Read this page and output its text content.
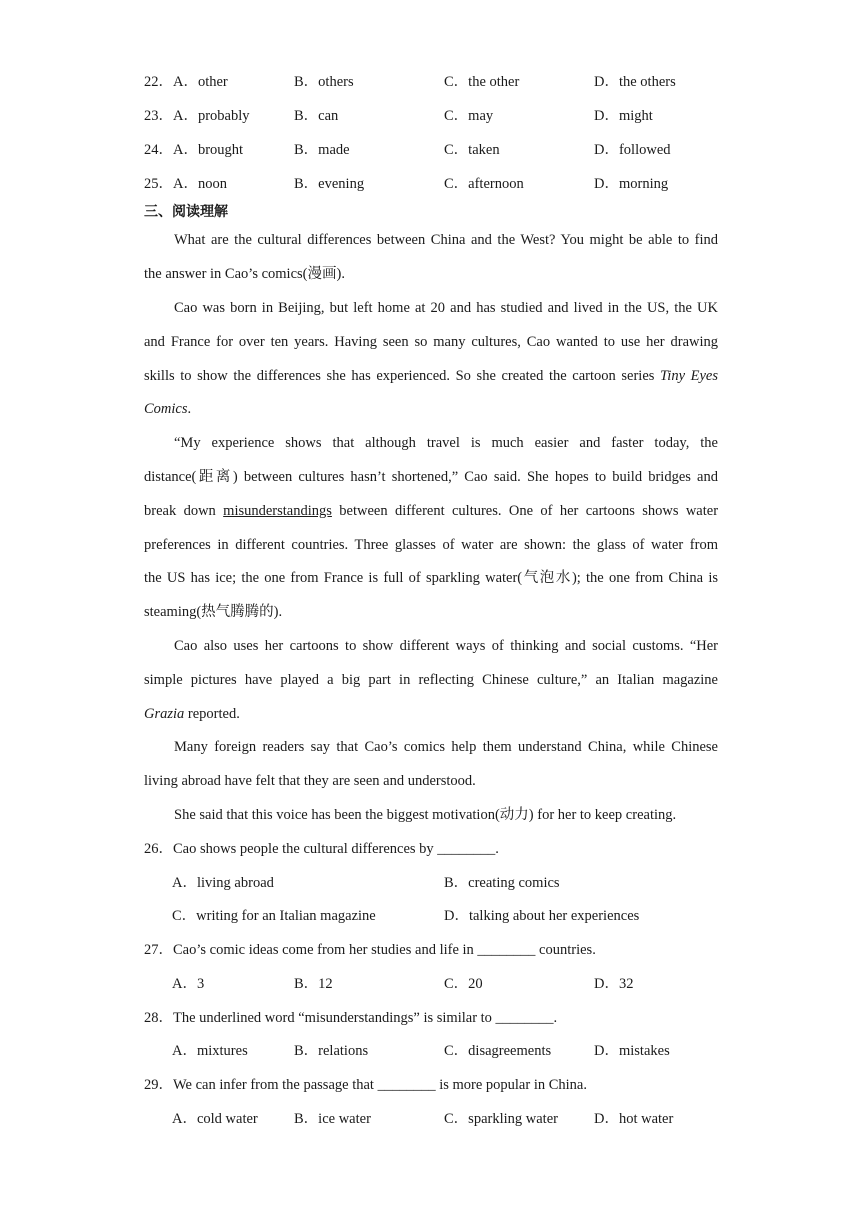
22．A．other	B．others	C．the other	D．the others
23．A．probably	B．can	C．may	D．might
24．A．brought	B．made	C．taken	D．followed
25．A．noon	B．evening	C．afternoon	D．morning
三、阅读理解
What are the cultural differences between China and the West? You might be able to find
the answer in Cao’s comics(漫画).
Cao was born in Beijing, but left home at 20 and has studied and lived in the US, the UK
and France for over ten years. Having seen so many cultures, Cao wanted to use her drawing
skills to show the differences she has experienced. So she created the cartoon series Tiny Eyes
Comics.
“My experience shows that although travel is much easier and faster today, the
distance(距离) between cultures hasn’t shortened,” Cao said. She hopes to build bridges and
break down misunderstandings between different cultures. One of her cartoons shows water
preferences in different countries. Three glasses of water are shown: the glass of water from
the US has ice; the one from France is full of sparkling water(气泡水); the one from China is
steaming(热气腾腾的).
Cao also uses her cartoons to show different ways of thinking and social customs. “Her
simple pictures have played a big part in reflecting Chinese culture,” an Italian magazine
Grazia reported.
Many foreign readers say that Cao’s comics help them understand China, while Chinese
living abroad have felt that they are seen and understood.
She said that this voice has been the biggest motivation(动力) for her to keep creating.
26．Cao shows people the cultural differences by ________.
A．living abroad	B．creating comics
C．writing for an Italian magazine	D．talking about her experiences
27．Cao’s comic ideas come from her studies and life in ________ countries.
A．3	B．12	C．20	D．32
28．The underlined word “misunderstandings” is similar to ________.
A．mixtures	B．relations	C．disagreements	D．mistakes
29．We can infer from the passage that ________ is more popular in China.
A．cold water B．ice water	C．sparkling water D．hot water
